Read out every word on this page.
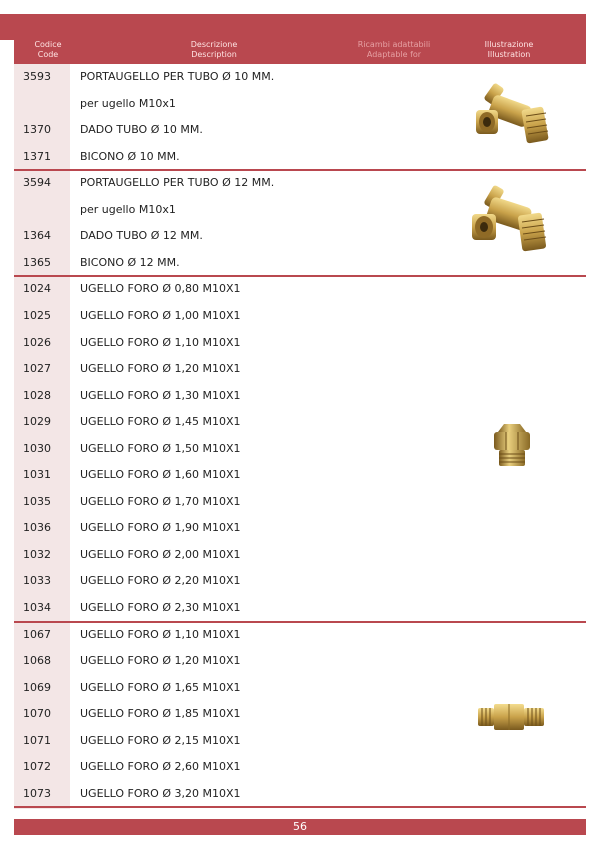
Codice
Code
Descrizione
Description
Ricambi adattabili
Adaptable for
Illustrazione
Illustration
3593	PORTAUGELLO PER TUBO Ø 10 MM.
per ugello M10x1
1370	DADO TUBO Ø 10 MM.
1371	BICONO Ø 10 MM.
3594	PORTAUGELLO PER TUBO Ø 12 MM.
per ugello M10x1
1364	DADO TUBO Ø 12 MM.
1365	BICONO Ø 12 MM.
1024	UGELLO FORO Ø 0,80 M10X1
1025	UGELLO FORO Ø 1,00 M10X1
1026	UGELLO FORO Ø 1,10 M10X1
1027	UGELLO FORO Ø 1,20 M10X1
1028	UGELLO FORO Ø 1,30 M10X1
1029	UGELLO FORO Ø 1,45 M10X1
1030	UGELLO FORO Ø 1,50 M10X1
1031	UGELLO FORO Ø 1,60 M10X1
1035	UGELLO FORO Ø 1,70 M10X1
1036	UGELLO FORO Ø 1,90 M10X1
1032	UGELLO FORO Ø 2,00 M10X1
1033	UGELLO FORO Ø 2,20 M10X1
1034	UGELLO FORO Ø 2,30 M10X1
1067	UGELLO FORO Ø 1,10 M10X1
1068	UGELLO FORO Ø 1,20 M10X1
1069	UGELLO FORO Ø 1,65 M10X1
1070	UGELLO FORO Ø 1,85 M10X1
1071	UGELLO FORO Ø 2,15 M10X1
1072	UGELLO FORO Ø 2,60 M10X1
1073	UGELLO FORO Ø 3,20 M10X1
56
